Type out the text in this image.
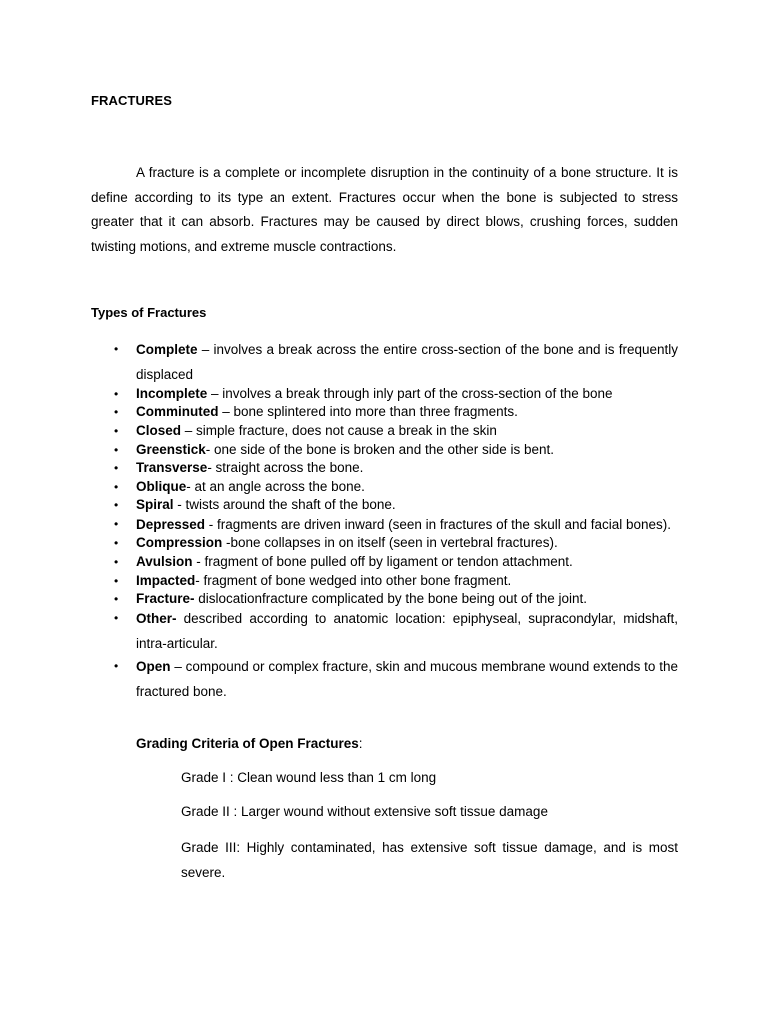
FRACTURES

A fracture is a complete or incomplete disruption in the continuity of a bone structure. It is define according to its type an extent. Fractures occur when the bone is subjected to stress greater that it can absorb. Fractures may be caused by direct blows, crushing forces, sudden twisting motions, and extreme muscle contractions.

Types of Fractures
• Complete – involves a break across the entire cross-section of the bone and is frequently displaced
• Incomplete – involves a break through inly part of the cross-section of the bone
• Comminuted – bone splintered into more than three fragments.
• Closed – simple fracture, does not cause a break in the skin
• Greenstick- one side of the bone is broken and the other side is bent.
• Transverse- straight across the bone.
• Oblique- at an angle across the bone.
• Spiral - twists around the shaft of the bone.
• Depressed - fragments are driven inward (seen in fractures of the skull and facial bones).
• Compression -bone collapses in on itself (seen in vertebral fractures).
• Avulsion - fragment of bone pulled off by ligament or tendon attachment.
• Impacted- fragment of bone wedged into other bone fragment.
• Fracture- dislocationfracture complicated by the bone being out of the joint.
• Other- described according to anatomic location: epiphyseal, supracondylar, midshaft, intra-articular.
• Open – compound or complex fracture, skin and mucous membrane wound extends to the fractured bone.
Grading Criteria of Open Fractures:

Grade I : Clean wound less than 1 cm long

Grade II : Larger wound without extensive soft tissue damage

Grade III: Highly contaminated, has extensive soft tissue damage, and is most severe.
